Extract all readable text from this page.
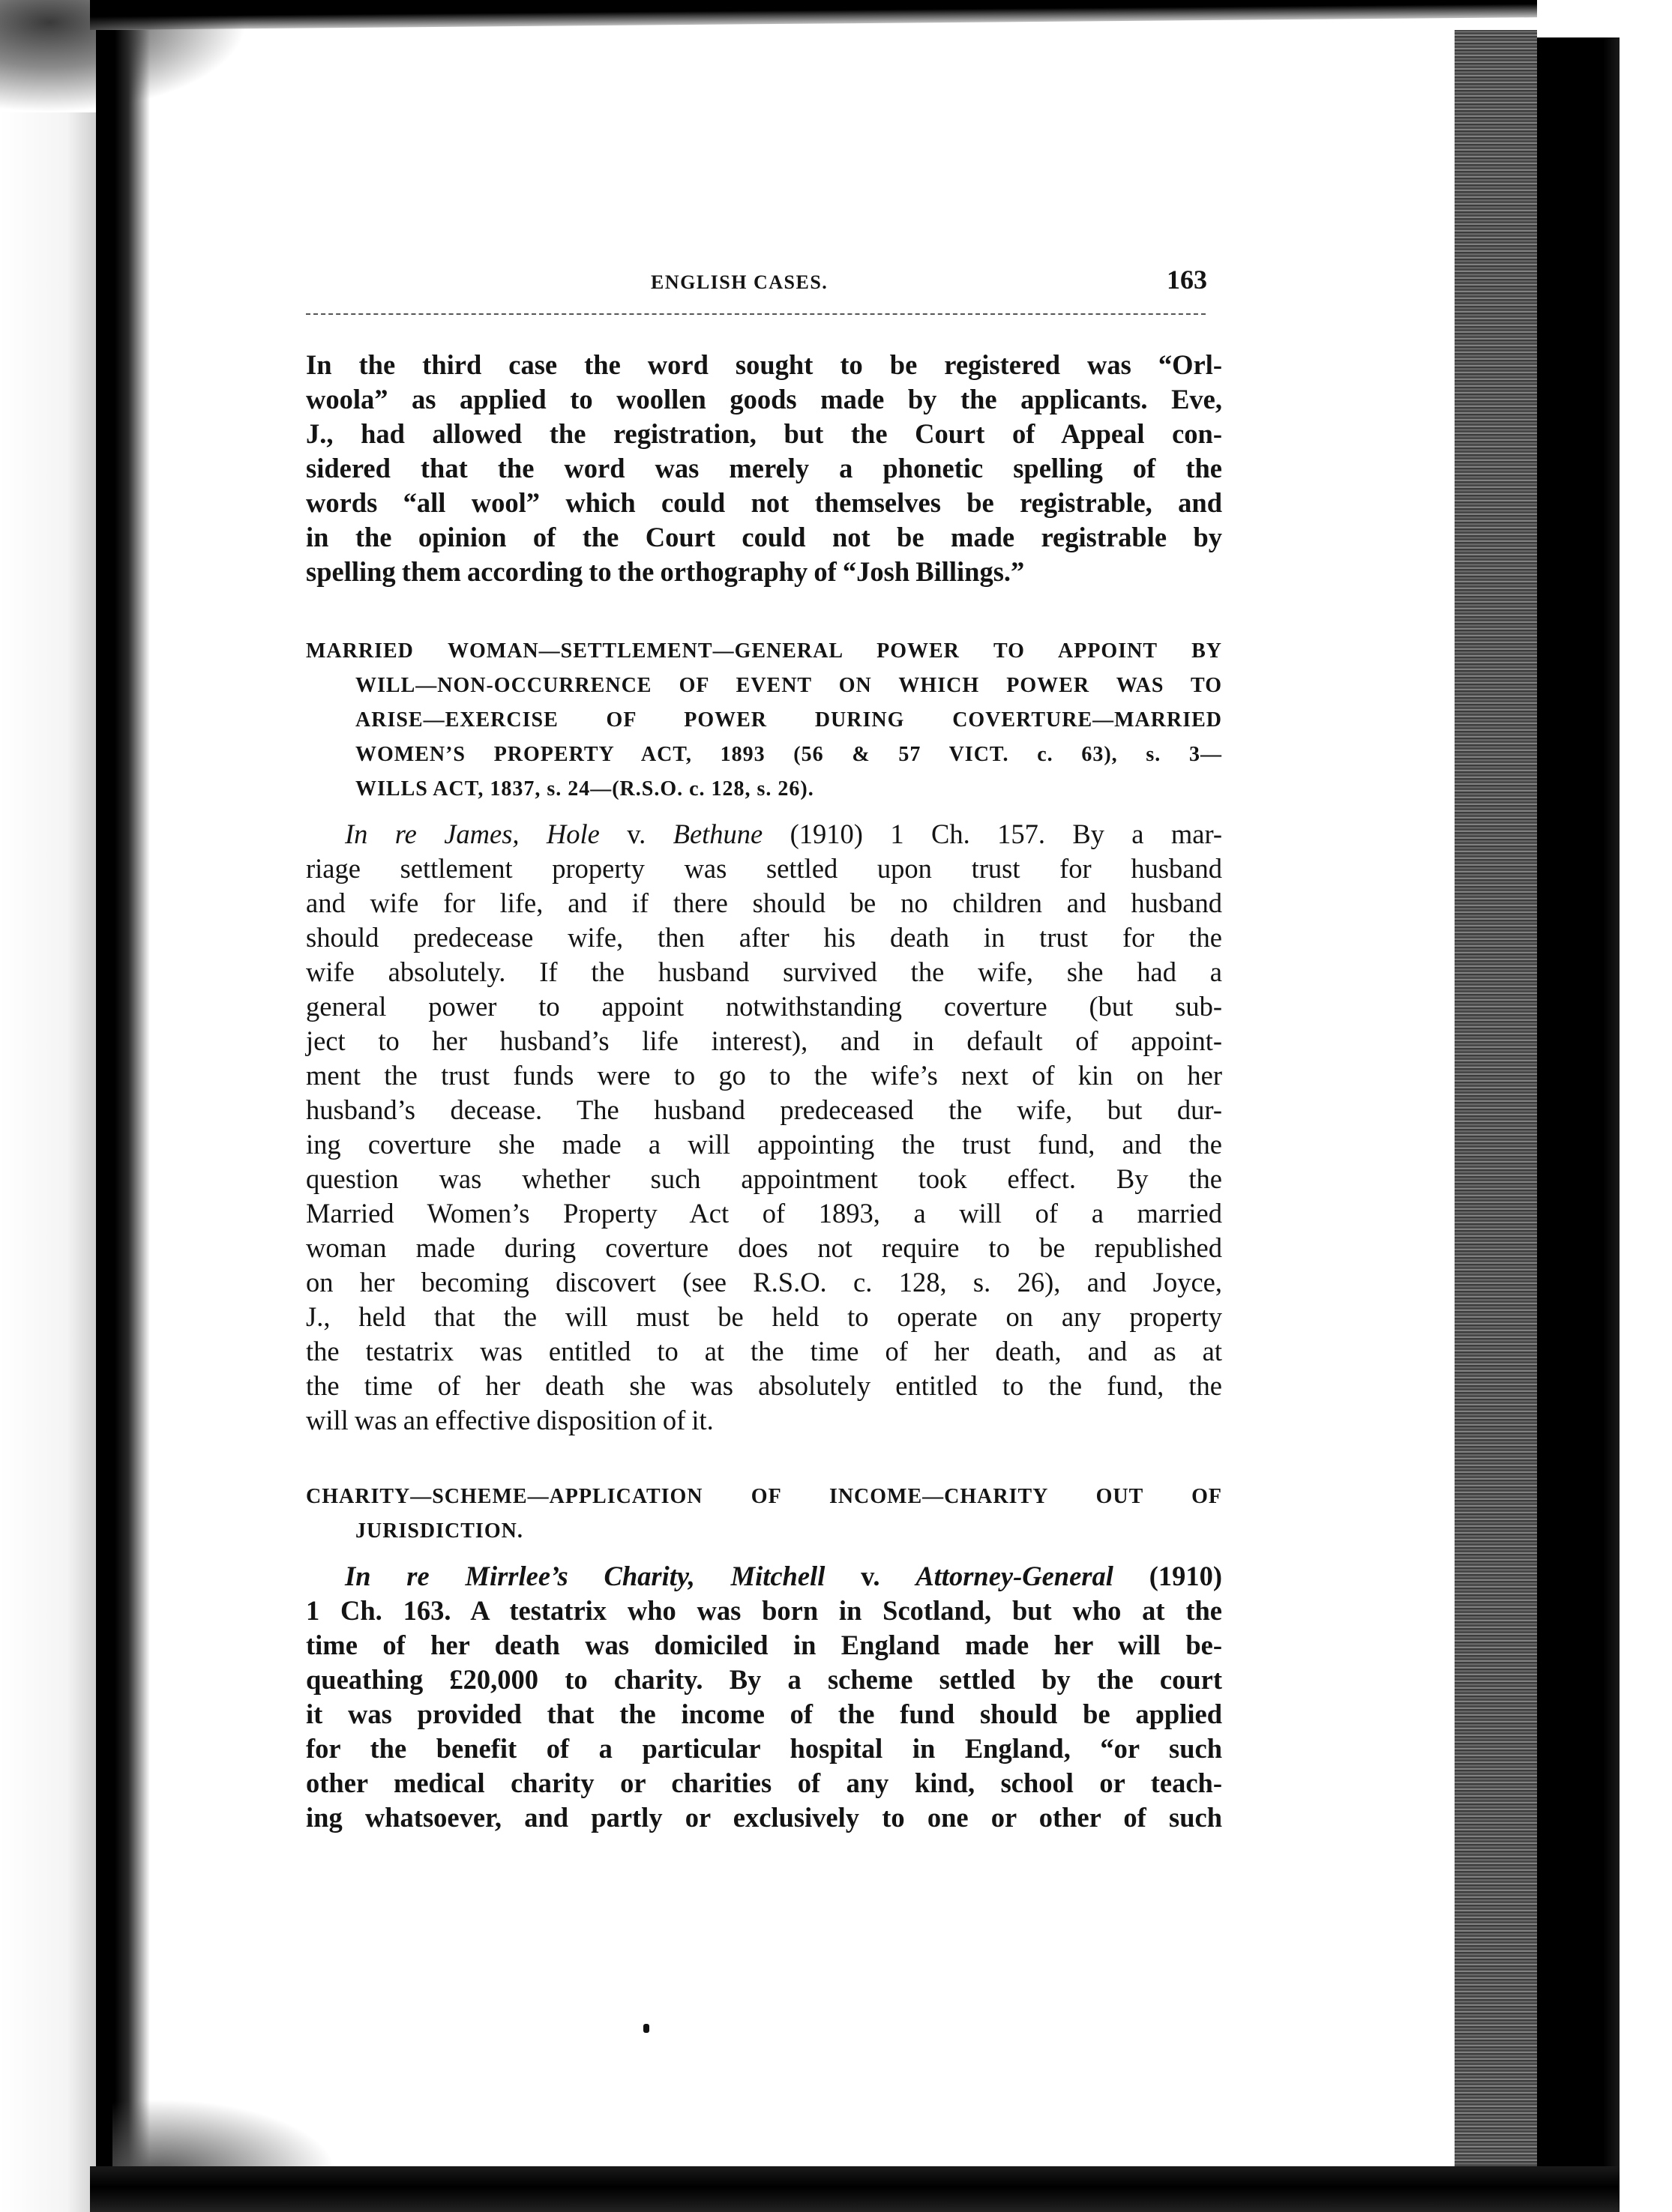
ENGLISH CASES.	163

In the third case the word sought to be registered was “Orl-

woola” as applied to woollen goods made by the applicants. Eve,

J., had allowed the registration, but the Court of Appeal con-

sidered that the word was merely a phonetic spelling of the

words “all wool” which could not themselves be registrable, and

in the opinion of the Court could not be made registrable by

spelling them according to the orthography of “Josh Billings.”

MARRIED WOMAN—SETTLEMENT—GENERAL POWER TO APPOINT BY
WILL—NON-OCCURRENCE OF EVENT ON WHICH POWER WAS TO
ARISE—EXERCISE OF POWER DURING COVERTURE—MARRIED
WOMEN’S PROPERTY ACT, 1893 (56 & 57 VICT. c. 63), s. 3—
WILLS ACT, 1837, s. 24—(R.S.O. c. 128, s. 26).

In re James, Hole v. Bethune (1910) 1 Ch. 157. By a mar-

riage settlement property was settled upon trust for husband

and wife for life, and if there should be no children and husband

should predecease wife, then after his death in trust for the

wife absolutely. If the husband survived the wife, she had a

general power to appoint notwithstanding coverture (but sub-

ject to her husband’s life interest), and in default of appoint-

ment the trust funds were to go to the wife’s next of kin on her

husband’s decease. The husband predeceased the wife, but dur-

ing coverture she made a will appointing the trust fund, and the

question was whether such appointment took effect. By the

Married Women’s Property Act of 1893, a will of a married

woman made during coverture does not require to be republished

on her becoming discovert (see R.S.O. c. 128, s. 26), and Joyce,

J., held that the will must be held to operate on any property

the testatrix was entitled to at the time of her death, and as at

the time of her death she was absolutely entitled to the fund, the

will was an effective disposition of it.

CHARITY—SCHEME—APPLICATION OF INCOME—CHARITY OUT OF
JURISDICTION.

In re Mirrlee’s Charity, Mitchell v. Attorney-General (1910)

1 Ch. 163. A testatrix who was born in Scotland, but who at the

time of her death was domiciled in England made her will be-

queathing £20,000 to charity. By a scheme settled by the court

it was provided that the income of the fund should be applied

for the benefit of a particular hospital in England, “or such

other medical charity or charities of any kind, school or teach-

ing whatsoever, and partly or exclusively to one or other of such
